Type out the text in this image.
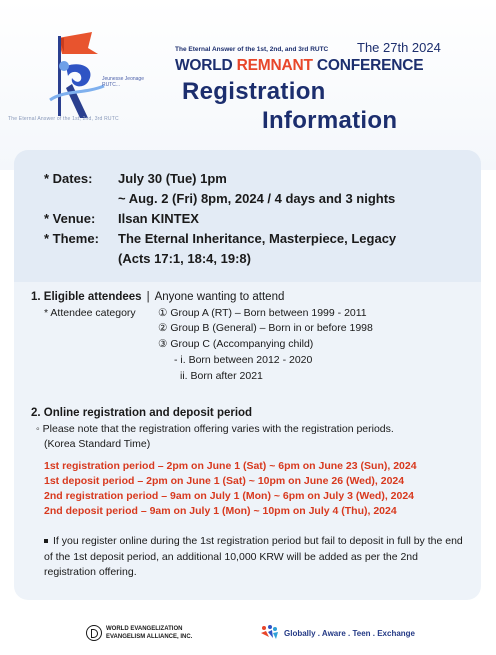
Jeunesse Jeonage RUTC...
The Eternal Answer of the 1st, 2nd, 3rd RUTC
The Eternal Answer of the 1st, 2nd, and 3rd RUTC The 27th 2024
WORLD REMNANT CONFERENCE
Registration
Information
* Dates: July 30 (Tue) 1pm
~ Aug. 2 (Fri) 8pm, 2024 / 4 days and 3 nights
* Venue: Ilsan KINTEX
* Theme: The Eternal Inheritance, Masterpiece, Legacy
(Acts 17:1, 18:4, 19:8)
1. Eligible attendees | Anyone wanting to attend
* Attendee category ① Group A (RT) – Born between 1999 - 2011
② Group B (General) – Born in or before 1998
③ Group C (Accompanying child)
- i. Born between 2012 - 2020
ii. Born after 2021
2. Online registration and deposit period
◦ Please note that the registration offering varies with the registration periods.
(Korea Standard Time)
1st registration period – 2pm on June 1 (Sat) ~ 6pm on June 23 (Sun), 2024
1st deposit period – 2pm on June 1 (Sat) ~ 10pm on June 26 (Wed), 2024
2nd registration period – 9am on July 1 (Mon) ~ 6pm on July 3 (Wed), 2024
2nd deposit period – 9am on July 1 (Mon) ~ 10pm on July 4 (Thu), 2024
If you register online during the 1st registration period but fail to deposit in full by the end of the 1st deposit period, an additional 10,000 KRW will be added as per the 2nd registration offering.
WORLD EVANGELIZATION
EVANGELISM ALLIANCE, INC.	Globally . Aware . Teen . Exchange
